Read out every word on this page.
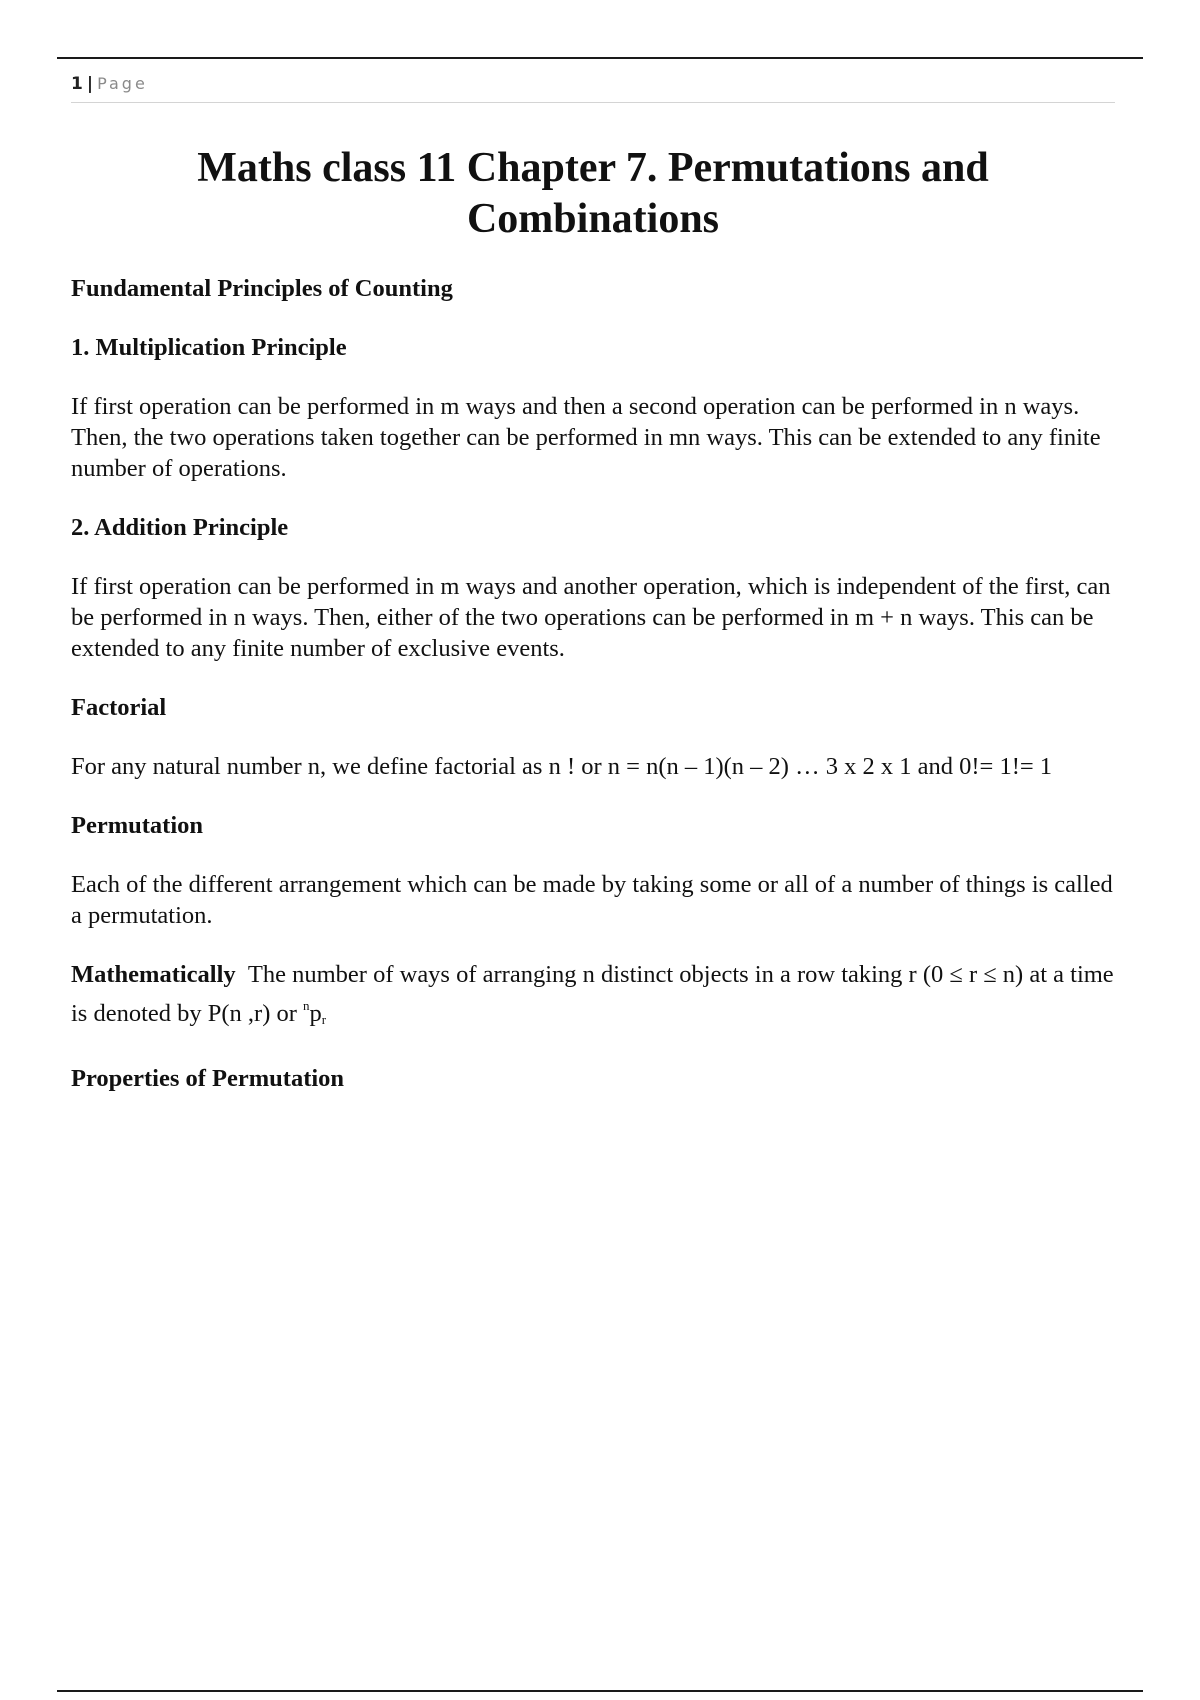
1 | Page
Maths class 11 Chapter 7. Permutations and Combinations
Fundamental Principles of Counting
1. Multiplication Principle

If first operation can be performed in m ways and then a second operation can be performed in n ways. Then, the two operations taken together can be performed in mn ways. This can be extended to any finite number of operations.

2. Addition Principle

If first operation can be performed in m ways and another operation, which is independent of the first, can be performed in n ways. Then, either of the two operations can be performed in m + n ways. This can be extended to any finite number of exclusive events.

Factorial

For any natural number n, we define factorial as n ! or n = n(n – 1)(n – 2) … 3 x 2 x 1 and 0!= 1!= 1

Permutation

Each of the different arrangement which can be made by taking some or all of a number of things is called a permutation.

Mathematically The number of ways of arranging n distinct objects in a row taking r (0 ≤ r ≤ n) at a time is denoted by P(n ,r) or $^np_r$

Properties of Permutation
